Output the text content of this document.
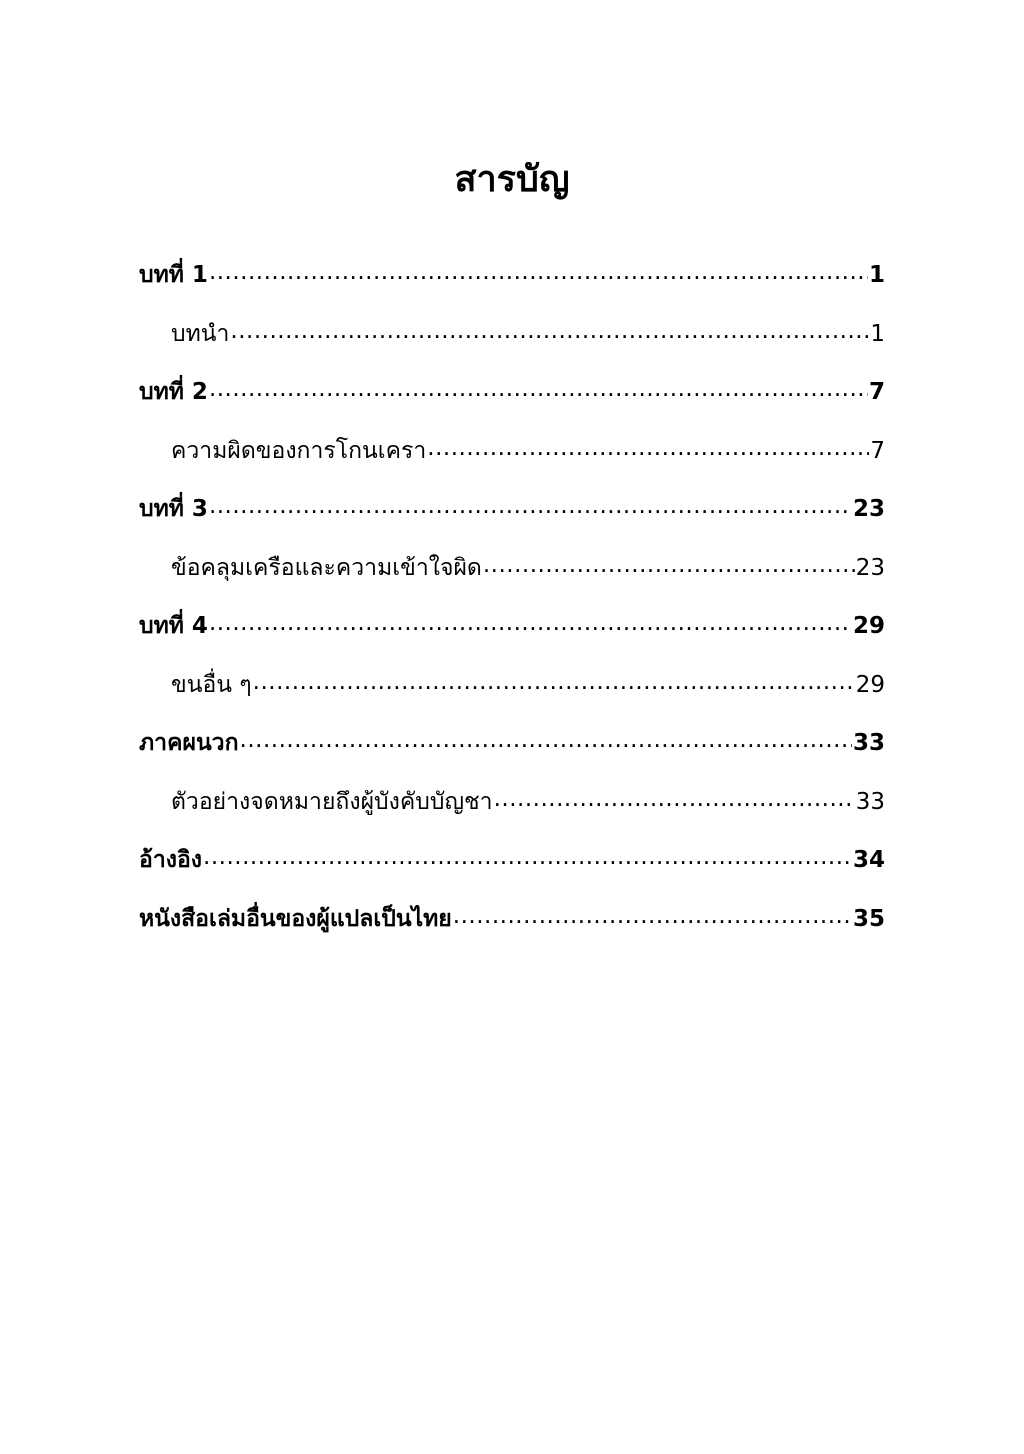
สารบัญ
บทที่ 1 .....	1
บทนำ .....	1
บทที่ 2 .....	7
ความผิดของการโกนเครา .....	7
บทที่ 3 .....	23
ข้อคลุมเครือและความเข้าใจผิด .....	23
บทที่ 4 .....	29
ขนอื่น ๆ .....	29
ภาคผนวก .....	33
ตัวอย่างจดหมายถึงผู้บังคับบัญชา .....	33
อ้างอิง .....	34
หนังสือเล่มอื่นของผู้แปลเป็นไทย .....	35
